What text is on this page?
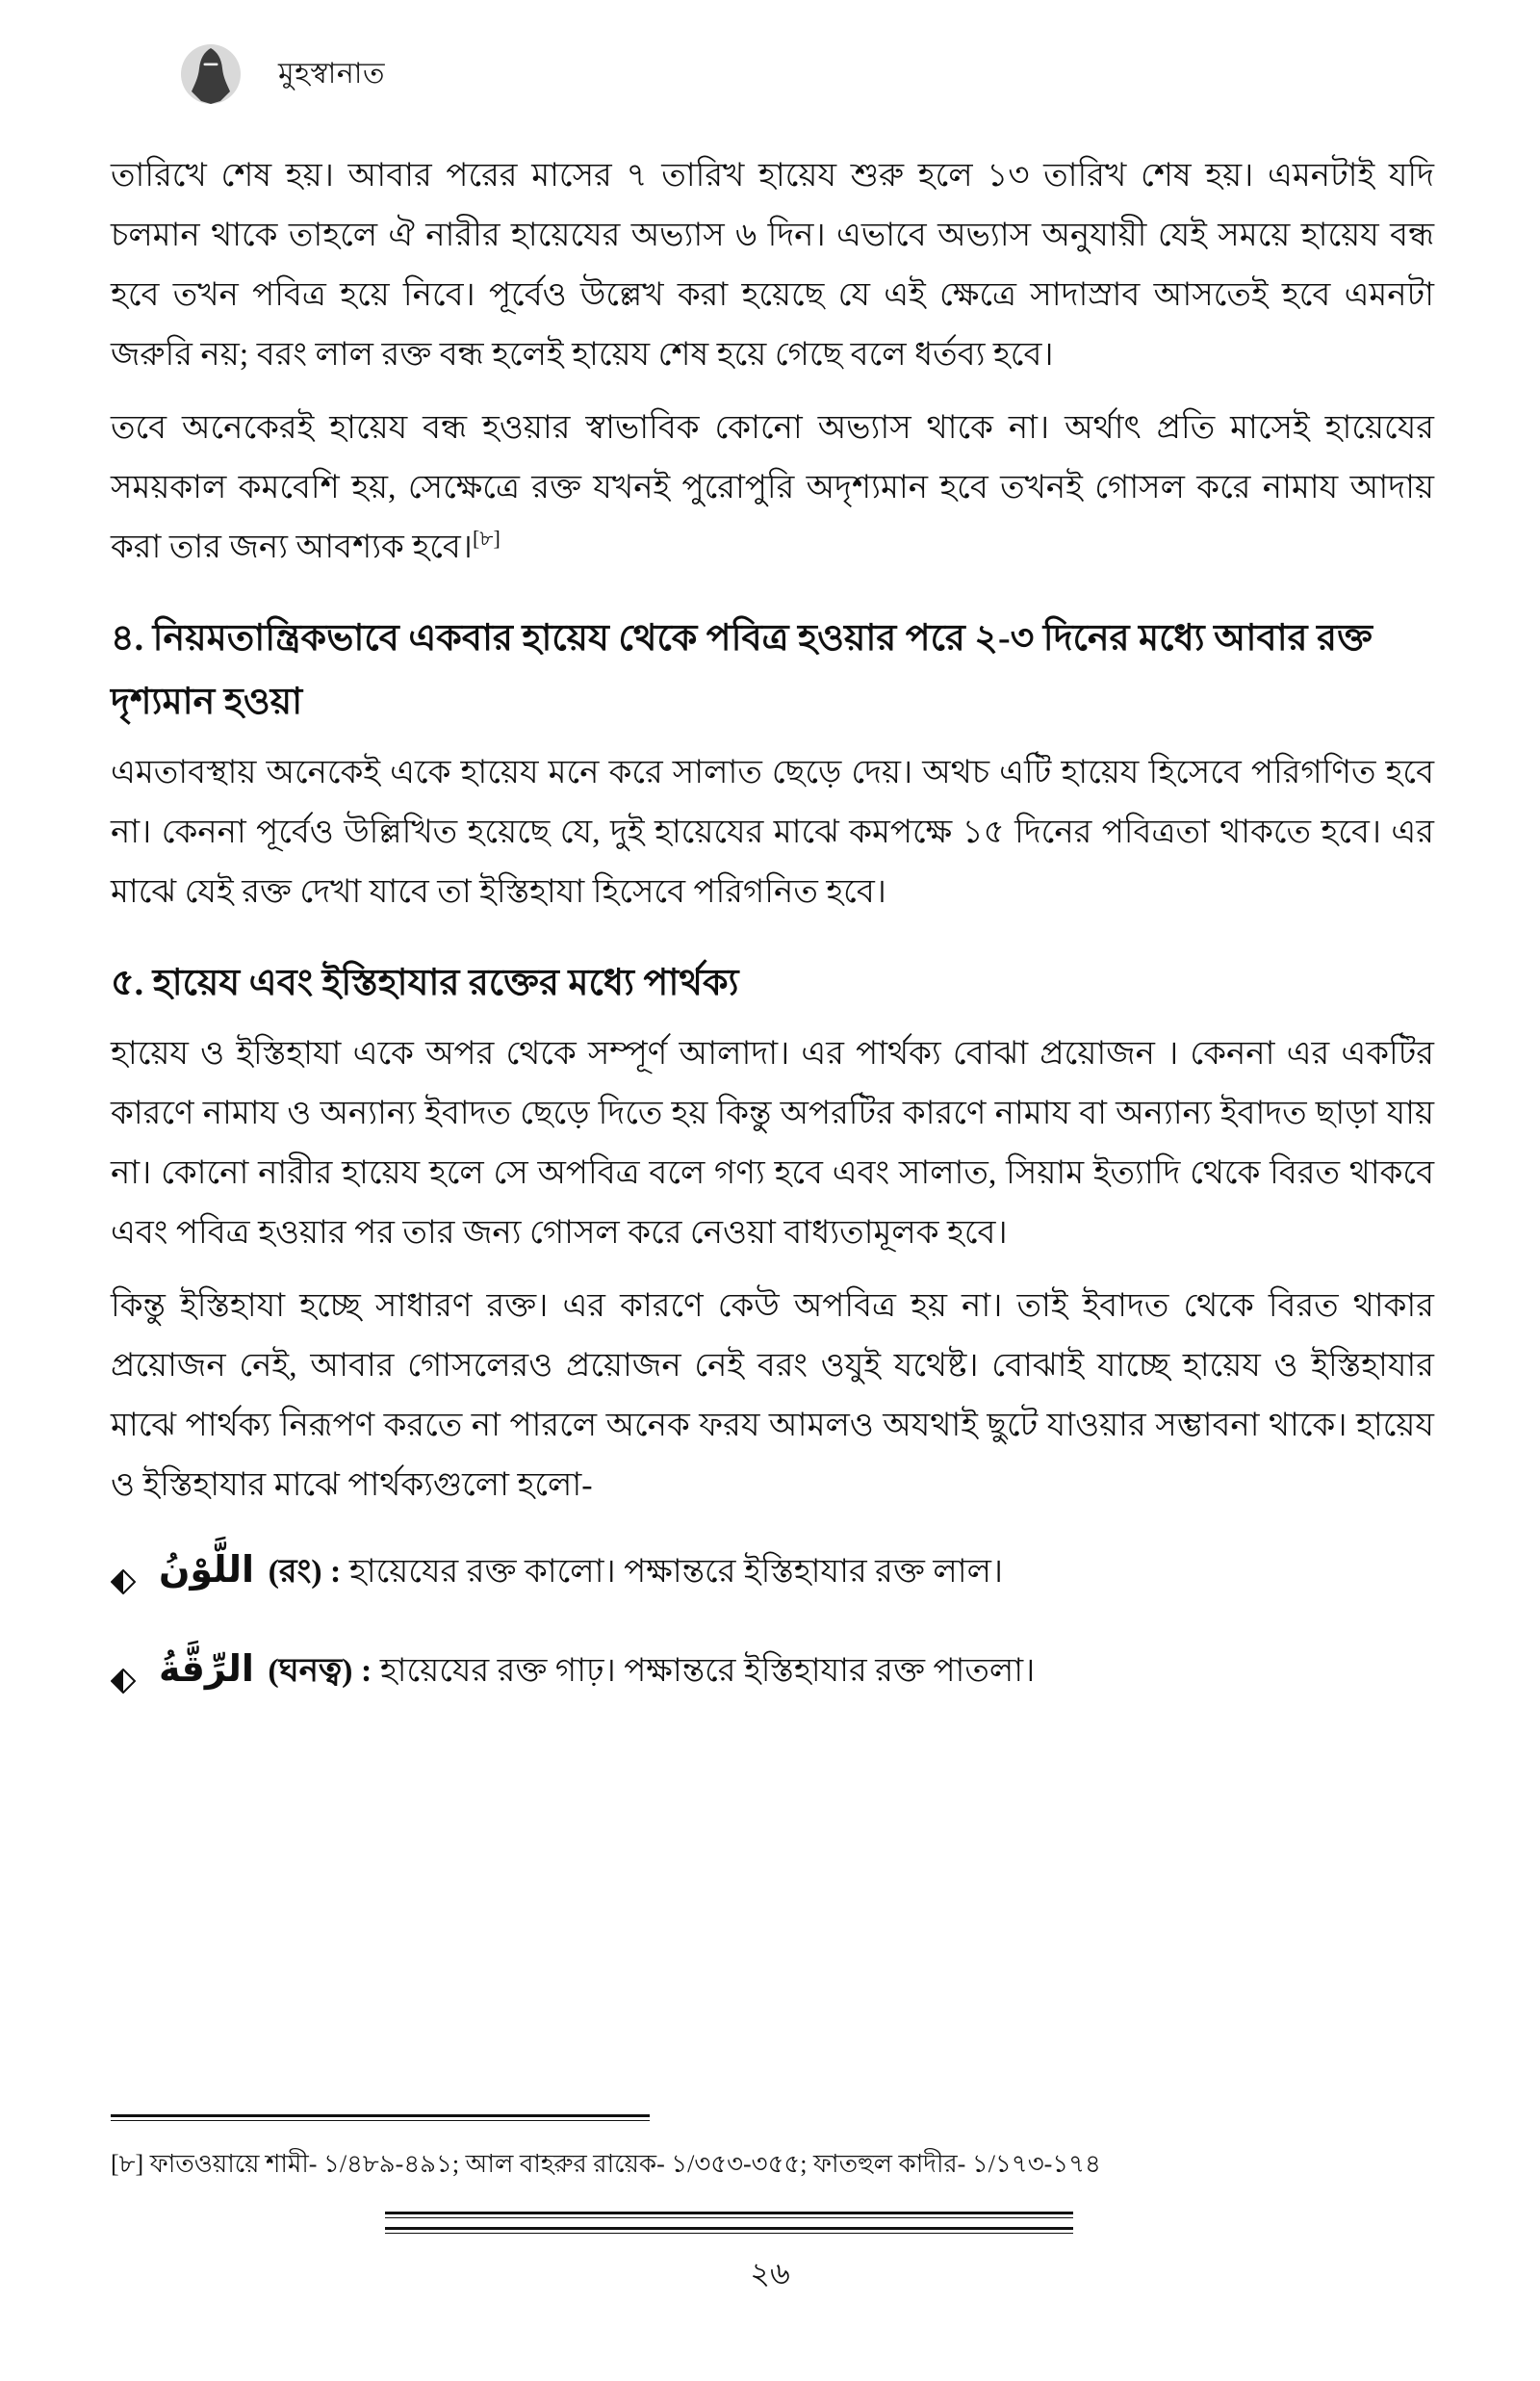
মুহস্বানাত

তারিখে শেষ হয়। আবার পরের মাসের ৭ তারিখ হায়েয শুরু হলে ১৩ তারিখ শেষ হয়। এমনটাই যদি চলমান থাকে তাহলে ঐ নারীর হায়েযের অভ্যাস ৬ দিন। এভাবে অভ্যাস অনুযায়ী যেই সময়ে হায়েয বন্ধ হবে তখন পবিত্র হয়ে নিবে। পূর্বেও উল্লেখ করা হয়েছে যে এই ক্ষেত্রে সাদাস্রাব আসতেই হবে এমনটা জরুরি নয়; বরং লাল রক্ত বন্ধ হলেই হায়েয শেষ হয়ে গেছে বলে ধর্তব্য হবে।

তবে অনেকেরই হায়েয বন্ধ হওয়ার স্বাভাবিক কোনো অভ্যাস থাকে না। অর্থাৎ প্রতি মাসেই হায়েযের সময়কাল কমবেশি হয়, সেক্ষেত্রে রক্ত যখনই পুরোপুরি অদৃশ্যমান হবে তখনই গোসল করে নামায আদায় করা তার জন্য আবশ্যক হবে।[৮]

৪. নিয়মতান্ত্রিকভাবে একবার হায়েয থেকে পবিত্র হওয়ার পরে ২-৩ দিনের মধ্যে আবার রক্ত দৃশ্যমান হওয়া

এমতাবস্থায় অনেকেই একে হায়েয মনে করে সালাত ছেড়ে দেয়। অথচ এটি হায়েয হিসেবে পরিগণিত হবে না। কেননা পূর্বেও উল্লিখিত হয়েছে যে, দুই হায়েযের মাঝে কমপক্ষে ১৫ দিনের পবিত্রতা থাকতে হবে। এর মাঝে যেই রক্ত দেখা যাবে তা ইস্তিহাযা হিসেবে পরিগনিত হবে।

৫. হায়েয এবং ইস্তিহাযার রক্তের মধ্যে পার্থক্য

হায়েয ও ইস্তিহাযা একে অপর থেকে সম্পূর্ণ আলাদা। এর পার্থক্য বোঝা প্রয়োজন । কেননা এর একটির কারণে নামায ও অন্যান্য ইবাদত ছেড়ে দিতে হয় কিন্তু অপরটির কারণে নামায বা অন্যান্য ইবাদত ছাড়া যায় না। কোনো নারীর হায়েয হলে সে অপবিত্র বলে গণ্য হবে এবং সালাত, সিয়াম ইত্যাদি থেকে বিরত থাকবে এবং পবিত্র হওয়ার পর তার জন্য গোসল করে নেওয়া বাধ্যতামূলক হবে।

কিন্তু ইস্তিহাযা হচ্ছে সাধারণ রক্ত। এর কারণে কেউ অপবিত্র হয় না। তাই ইবাদত থেকে বিরত থাকার প্রয়োজন নেই, আবার গোসলেরও প্রয়োজন নেই বরং ওযুই যথেষ্ট। বোঝাই যাচ্ছে হায়েয ও ইস্তিহাযার মাঝে পার্থক্য নিরূপণ করতে না পারলে অনেক ফরয আমলও অযথাই ছুটে যাওয়ার সম্ভাবনা থাকে। হায়েয ও ইস্তিহাযার মাঝে পার্থক্যগুলো হলো-

اللَّوْنُ (রং) : হায়েযের রক্ত কালো। পক্ষান্তরে ইস্তিহাযার রক্ত লাল।
الرِّقَّةُ (ঘনত্ব) : হায়েযের রক্ত গাঢ়। পক্ষান্তরে ইস্তিহাযার রক্ত পাতলা।
[৮] ফাতওয়ায়ে শামী- ১/৪৮৯-৪৯১; আল বাহরুর রায়েক- ১/৩৫৩-৩৫৫; ফাতহুল কাদীর- ১/১৭৩-১৭৪
২৬
